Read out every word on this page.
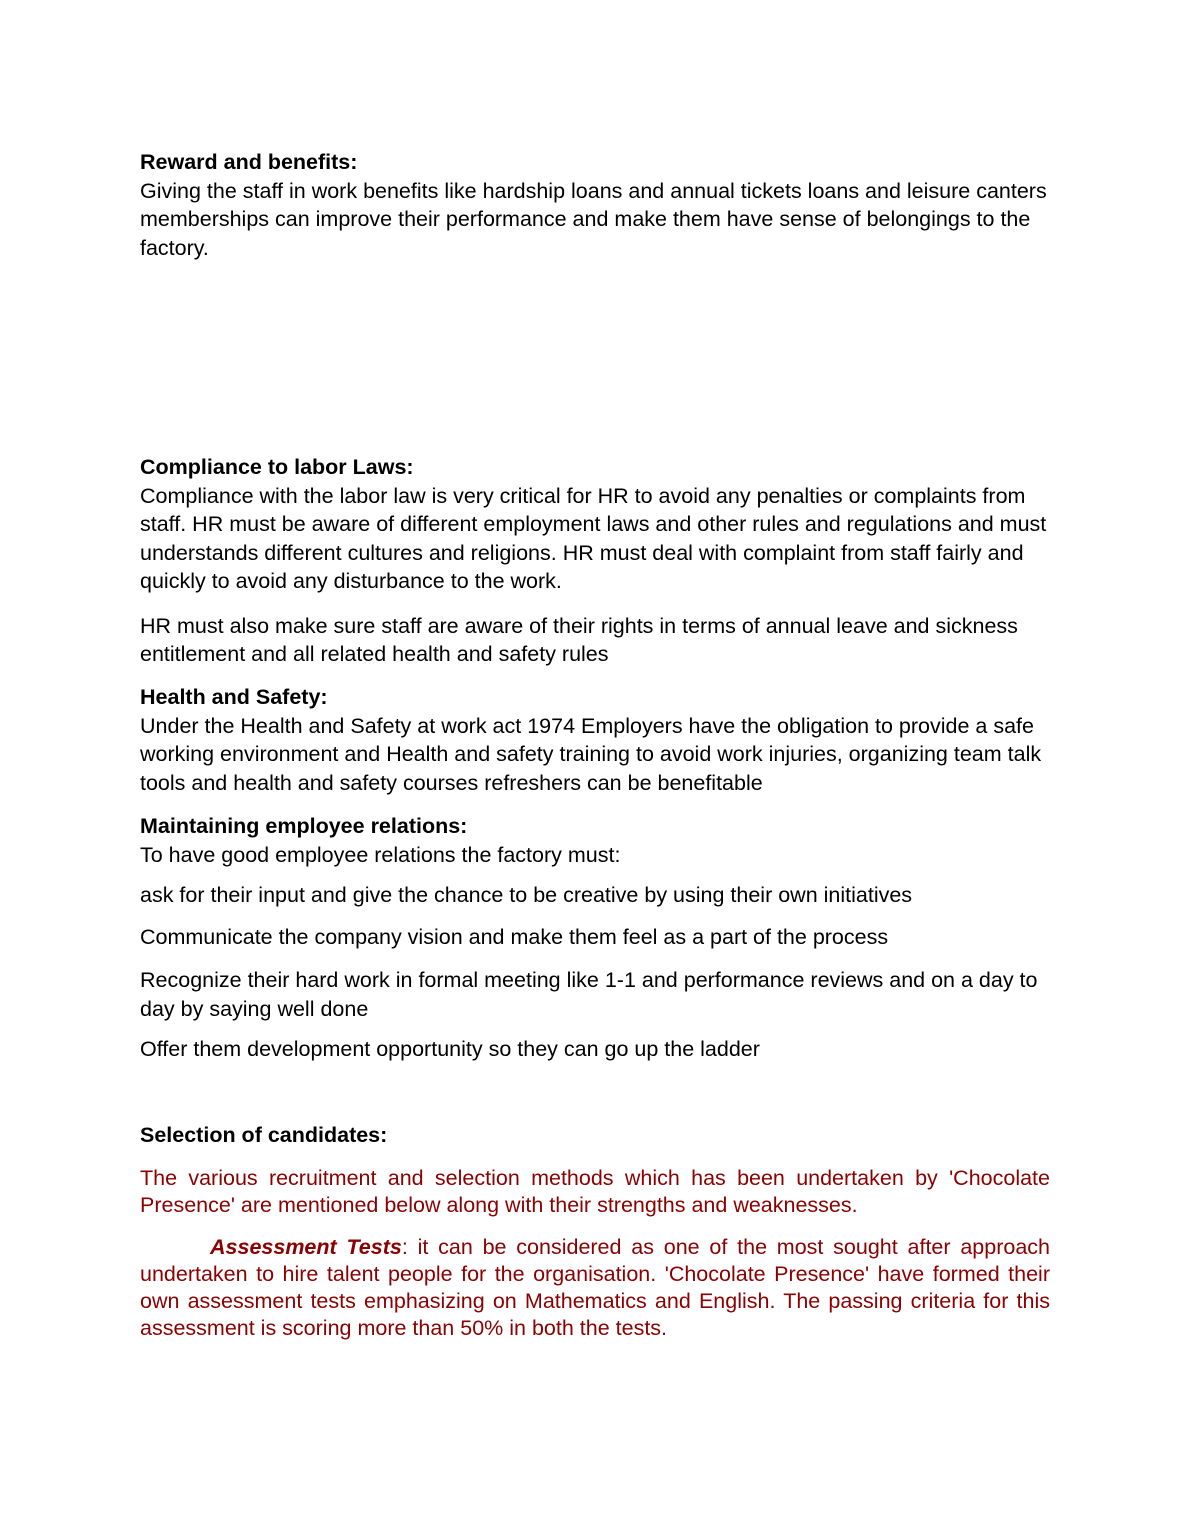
Reward and benefits:

Giving the staff in work benefits like hardship loans and annual tickets loans and leisure canters memberships can improve their performance and make them have sense of belongings to the factory.

Compliance to labor Laws:

Compliance with the labor law is very critical for HR to avoid any penalties or complaints from staff. HR must be aware of different employment laws and other rules and regulations and must understands different cultures and religions. HR must deal with complaint from staff fairly and quickly to avoid any disturbance to the work.

HR must also make sure staff are aware of their rights in terms of annual leave and sickness entitlement and all related health and safety rules

Health and Safety:

Under the Health and Safety at work act 1974 Employers have the obligation to provide a safe working environment and Health and safety training to avoid work injuries, organizing team talk tools and health and safety courses refreshers can be benefitable

Maintaining employee relations:

To have good employee relations the factory must:

ask for their input and give the chance to be creative by using their own initiatives

Communicate the company vision and make them feel as a part of the process

Recognize their hard work in formal meeting like 1-1 and performance reviews and on a day to day by saying well done

Offer them development opportunity so they can go up the ladder

Selection of candidates:

The various recruitment and selection methods which has been undertaken by 'Chocolate Presence' are mentioned below along with their strengths and weaknesses.

Assessment Tests: it can be considered as one of the most sought after approach undertaken to hire talent people for the organisation. 'Chocolate Presence' have formed their own assessment tests emphasizing on Mathematics and English. The passing criteria for this assessment is scoring more than 50% in both the tests.
